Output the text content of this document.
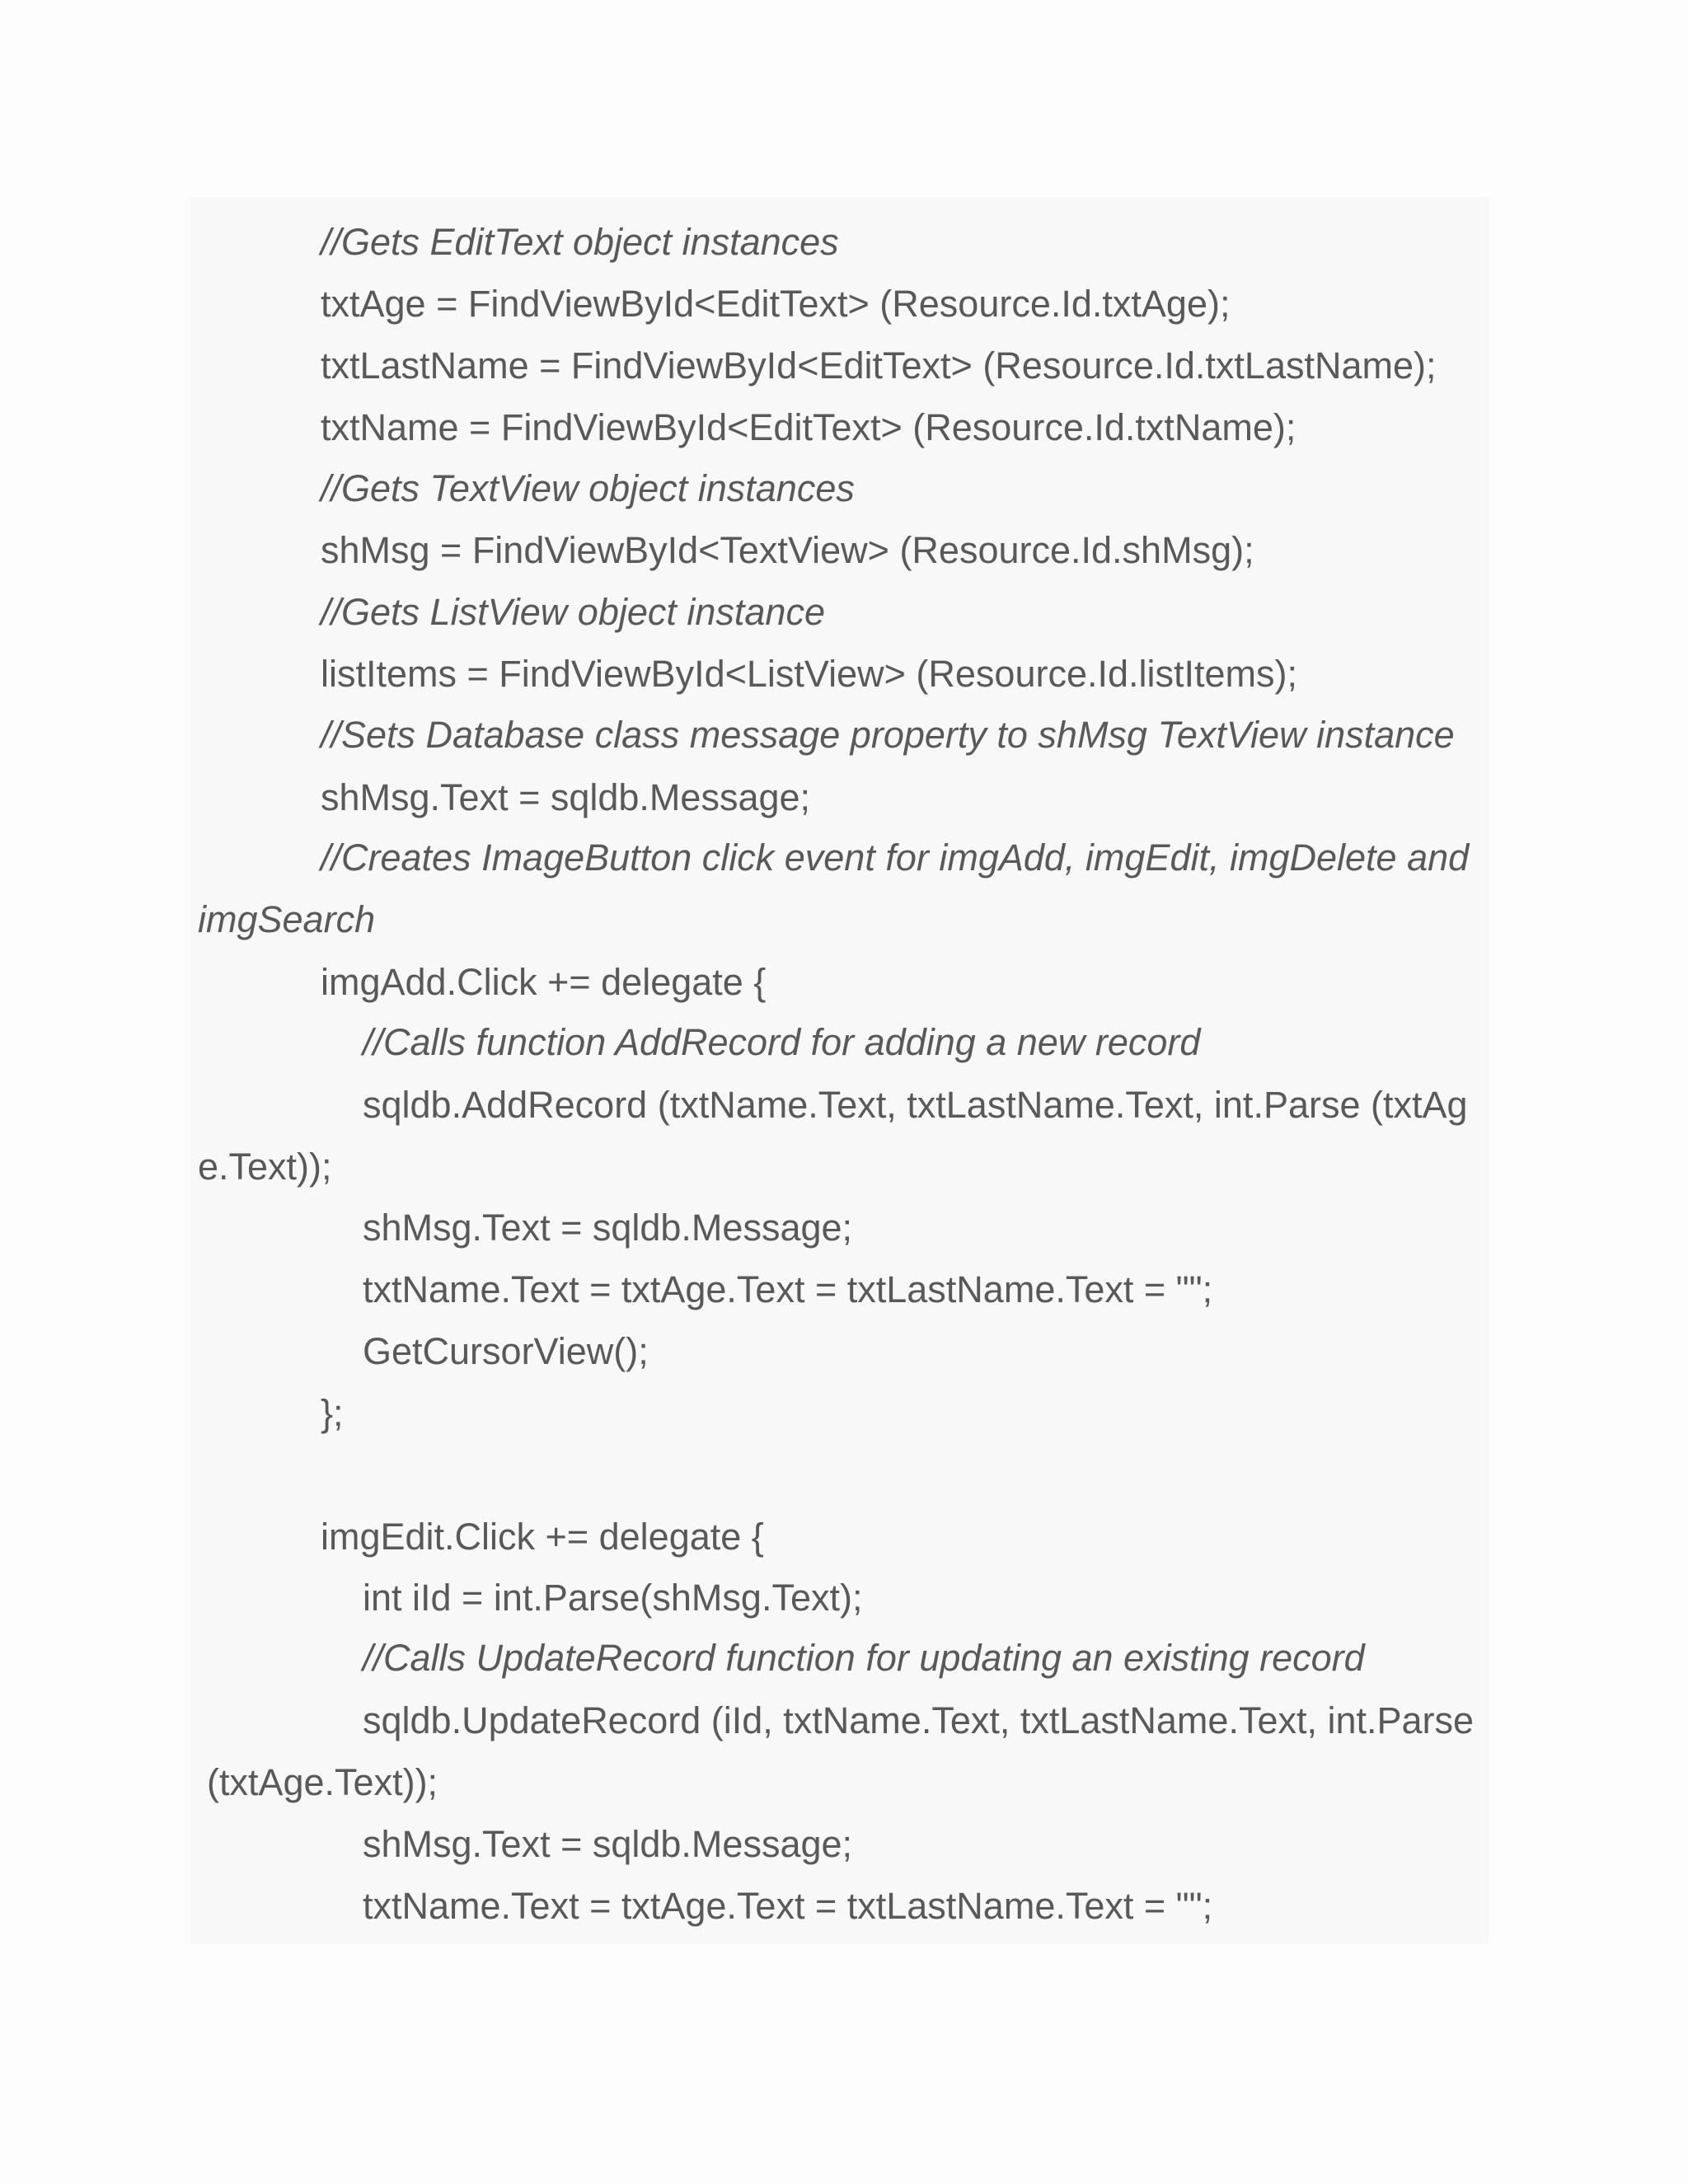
//Gets EditText object instances
txtAge = FindViewById<EditText> (Resource.Id.txtAge);
txtLastName = FindViewById<EditText> (Resource.Id.txtLastName);
txtName = FindViewById<EditText> (Resource.Id.txtName);
//Gets TextView object instances
shMsg = FindViewById<TextView> (Resource.Id.shMsg);
//Gets ListView object instance
listItems = FindViewById<ListView> (Resource.Id.listItems);
//Sets Database class message property to shMsg TextView instance
shMsg.Text = sqldb.Message;
//Creates ImageButton click event for imgAdd, imgEdit, imgDelete and
imgSearch
imgAdd.Click += delegate {
//Calls function AddRecord for adding a new record
sqldb.AddRecord (txtName.Text, txtLastName.Text, int.Parse (txtAg
e.Text));
shMsg.Text = sqldb.Message;
txtName.Text = txtAge.Text = txtLastName.Text = "";
GetCursorView();
};
imgEdit.Click += delegate {
int iId = int.Parse(shMsg.Text);
//Calls UpdateRecord function for updating an existing record
sqldb.UpdateRecord (iId, txtName.Text, txtLastName.Text, int.Parse
(txtAge.Text));
shMsg.Text = sqldb.Message;
txtName.Text = txtAge.Text = txtLastName.Text = "";
